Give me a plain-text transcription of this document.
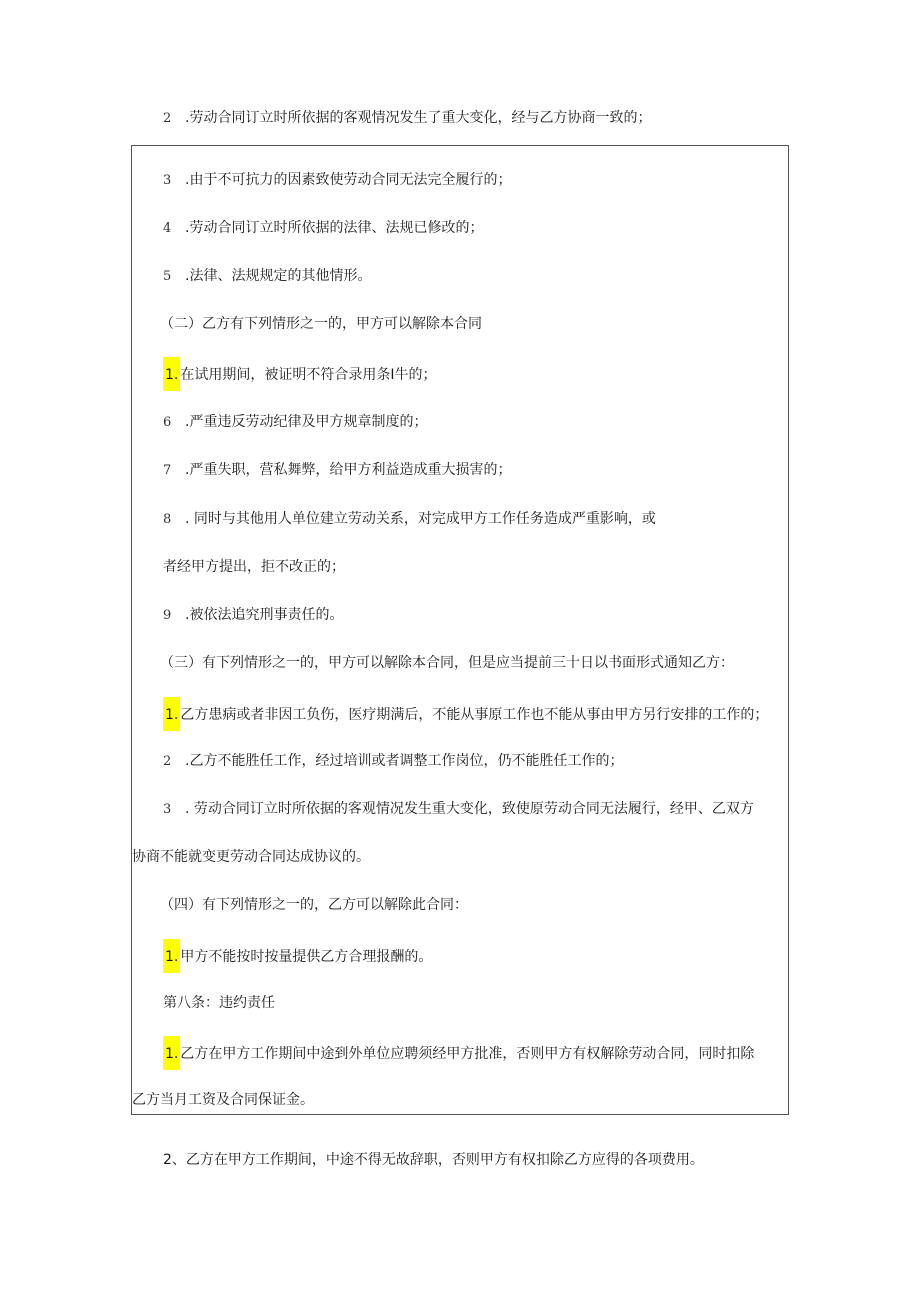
2 .劳动合同订立时所依据的客观情况发生了重大变化，经与乙方协商一致的；
3 .由于不可抗力的因素致使劳动合同无法完全履行的；
4 .劳动合同订立时所依据的法律、法规已修改的；
5 .法律、法规规定的其他情形。
（二）乙方有下列情形之一的，甲方可以解除本合同
1. 在试用期间，被证明不符合录用条I牛的；
6 .严重违反劳动纪律及甲方规章制度的；
7 .严重失职，营私舞弊，给甲方利益造成重大损害的；
8 . 同时与其他用人单位建立劳动关系，对完成甲方工作任务造成严重影响，或
者经甲方提出，拒不改正的；
9 .被依法追究刑事责任的。
（三）有下列情形之一的，甲方可以解除本合同，但是应当提前三十日以书面形式通知乙方：
1. 乙方患病或者非因工负伤，医疗期满后，不能从事原工作也不能从事由甲方另行安排的工作的；
2 .乙方不能胜任工作，经过培训或者调整工作岗位，仍不能胜任工作的；
3 . 劳动合同订立时所依据的客观情况发生重大变化，致使原劳动合同无法履行，经甲、乙双方
协商不能就变更劳动合同达成协议的。
（四）有下列情形之一的，乙方可以解除此合同：
1. 甲方不能按时按量提供乙方合理报酬的。
第八条：违约责任
1. 乙方在甲方工作期间中途到外单位应聘须经甲方批准，否则甲方有权解除劳动合同，同时扣除
乙方当月工资及合同保证金。
2、乙方在甲方工作期间，中途不得无故辞职，否则甲方有权扣除乙方应得的各项费用。
